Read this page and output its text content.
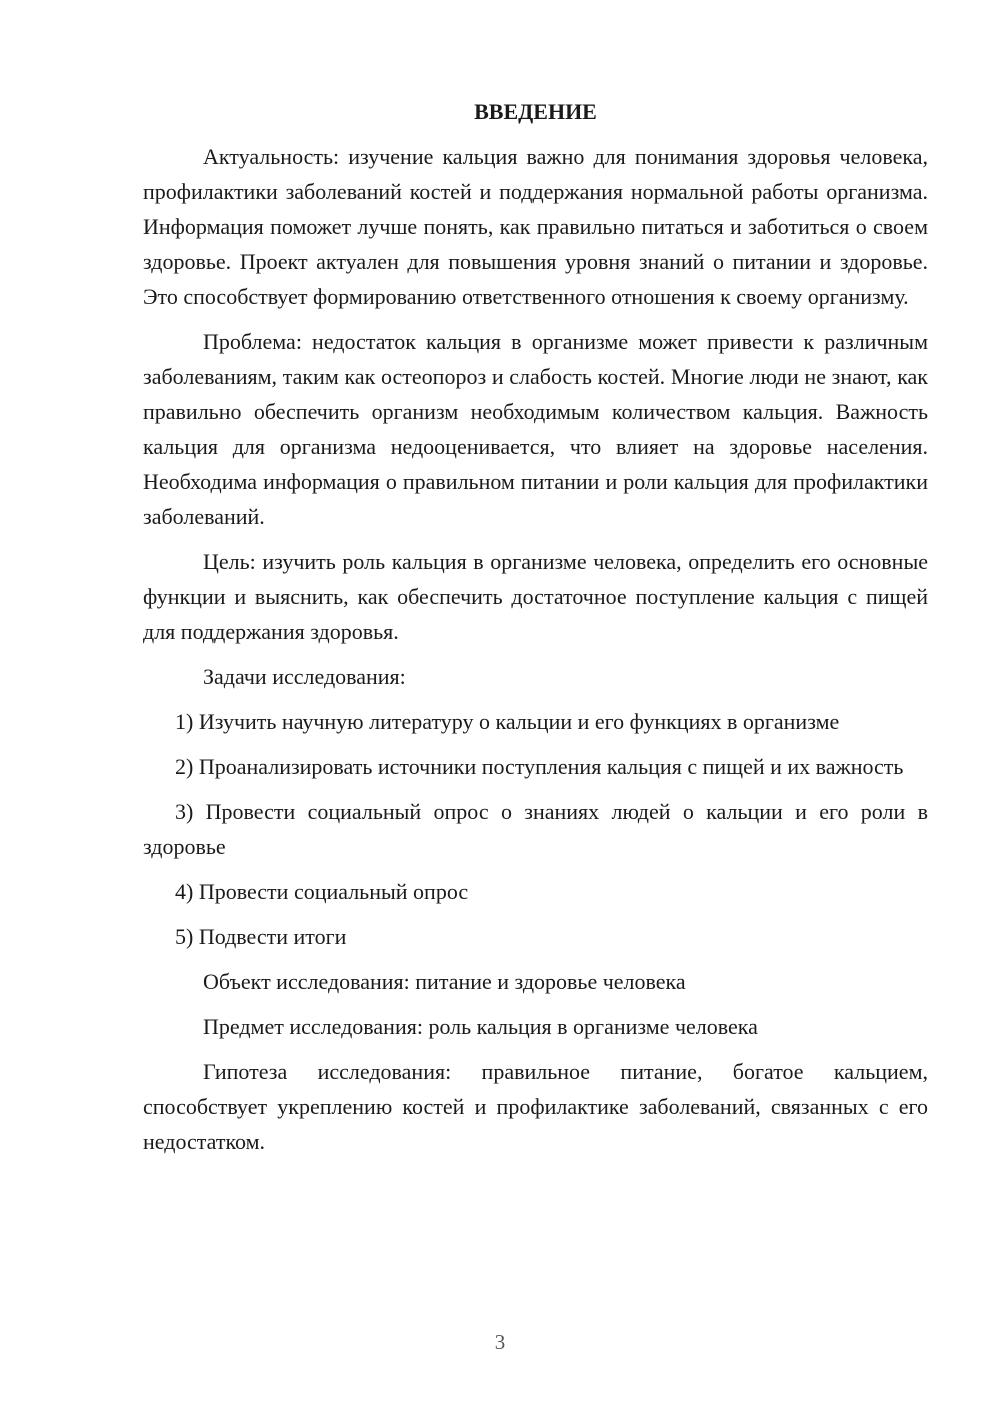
ВВЕДЕНИЕ

Актуальность: изучение кальция важно для понимания здоровья человека, профилактики заболеваний костей и поддержания нормальной работы организма. Информация поможет лучше понять, как правильно питаться и заботиться о своем здоровье. Проект актуален для повышения уровня знаний о питании и здоровье. Это способствует формированию ответственного отношения к своему организму.

Проблема: недостаток кальция в организме может привести к различным заболеваниям, таким как остеопороз и слабость костей. Многие люди не знают, как правильно обеспечить организм необходимым количеством кальция. Важность кальция для организма недооценивается, что влияет на здоровье населения. Необходима информация о правильном питании и роли кальция для профилактики заболеваний.

Цель: изучить роль кальция в организме человека, определить его основные функции и выяснить, как обеспечить достаточное поступление кальция с пищей для поддержания здоровья.

Задачи исследования:

1) Изучить научную литературу о кальции и его функциях в организме

2) Проанализировать источники поступления кальция с пищей и их важность

3) Провести социальный опрос о знаниях людей о кальции и его роли в здоровье

4) Провести социальный опрос

5) Подвести итоги

Объект исследования: питание и здоровье человека

Предмет исследования: роль кальция в организме человека

Гипотеза исследования: правильное питание, богатое кальцием, способствует укреплению костей и профилактике заболеваний, связанных с его недостатком.

3
